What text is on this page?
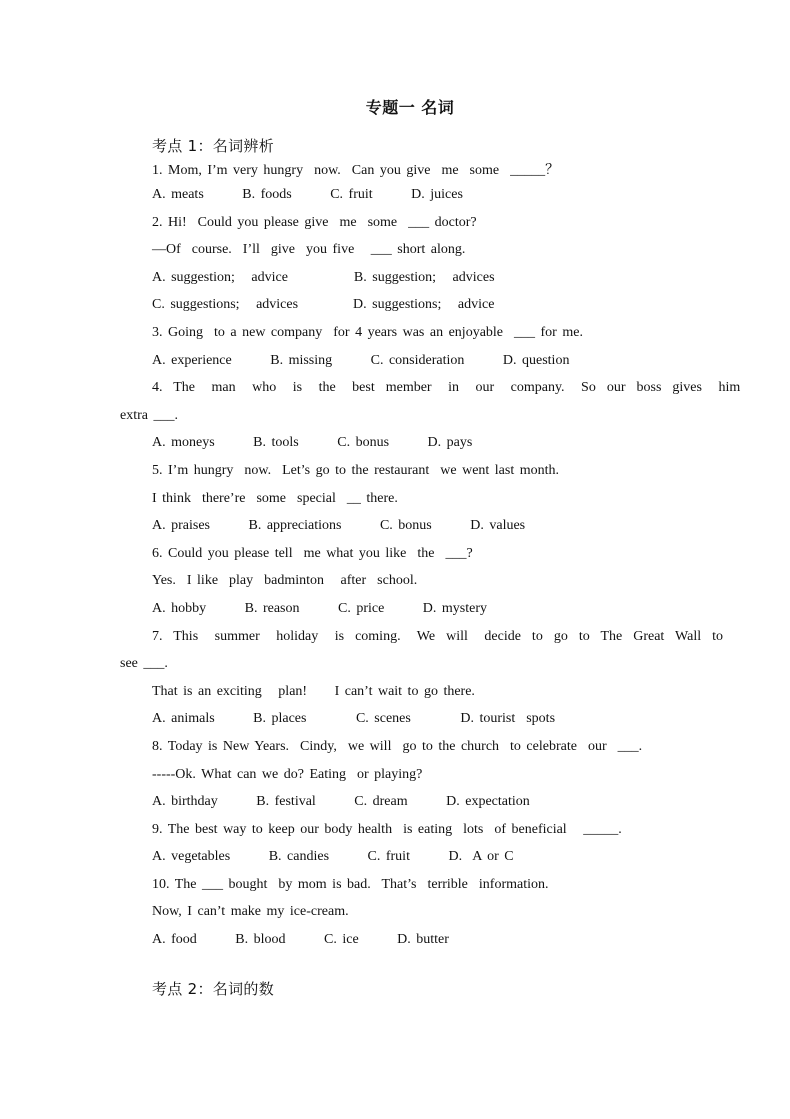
专题一 名词
考点 1：名词辨析
1. Mom, I’m very hungry  now.  Can you give  me  some  _____？
A. meats       B. foods       C. fruit       D. juices
2. Hi!  Could you please give  me  some  ___ doctor?
—Of  course.  I’ll  give  you five   ___ short along.
A. suggestion;   advice            B. suggestion;   advices
C. suggestions;   advices          D. suggestions;   advice
3. Going  to a new company  for 4 years was an enjoyable  ___ for me.
A. experience       B. missing       C. consideration       D. question
4.  The   man   who   is   the   best  member   in   our   company.   So  our  boss  gives   him
extra ___.
A. moneys       B. tools       C. bonus       D. pays
5. I’m hungry  now.  Let’s go to the restaurant  we went last month.
I think  there’re  some  special  __ there.
A. praises       B. appreciations       C. bonus       D. values
6. Could you please tell  me what you like  the  ___?
Yes.  I like  play  badminton   after  school.
A. hobby       B. reason       C. price       D. mystery
7.  This   summer   holiday   is  coming.   We  will   decide  to  go  to  The  Great  Wall  to
see ___.
That is an exciting   plan!     I can’t wait to go there.
A. animals       B. places         C. scenes         D. tourist  spots
8. Today is New Years.  Cindy,  we will  go to the church  to celebrate  our  ___.
-----Ok. What can we do? Eating  or playing?
A. birthday       B. festival       C. dream       D. expectation
9. The best way to keep our body health  is eating  lots  of beneficial   _____.
A. vegetables       B. candies       C. fruit       D.  A or C
10. The ___ bought  by mom is bad.  That’s  terrible  information.
Now, I can’t make my ice-cream.
A. food       B. blood       C. ice       D. butter
考点 2：名词的数
